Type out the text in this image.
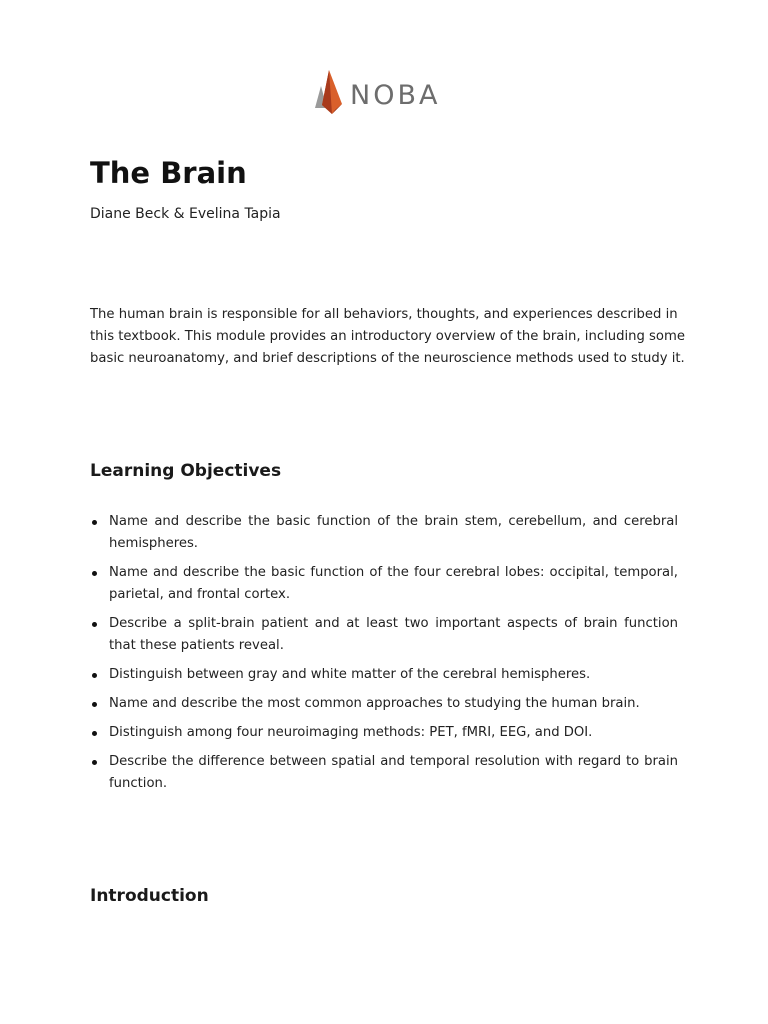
NOBA
The Brain

Diane Beck & Evelina Tapia

The human brain is responsible for all behaviors, thoughts, and experiences described in this textbook. This module provides an introductory overview of the brain, including some basic neuroanatomy, and brief descriptions of the neuroscience methods used to study it.

Learning Objectives
Name and describe the basic function of the brain stem, cerebellum, and cerebral hemispheres.
Name and describe the basic function of the four cerebral lobes: occipital, temporal, parietal, and frontal cortex.
Describe a split-brain patient and at least two important aspects of brain function that these patients reveal.
Distinguish between gray and white matter of the cerebral hemispheres.
Name and describe the most common approaches to studying the human brain.
Distinguish among four neuroimaging methods: PET, fMRI, EEG, and DOI.
Describe the difference between spatial and temporal resolution with regard to brain function.
Introduction
